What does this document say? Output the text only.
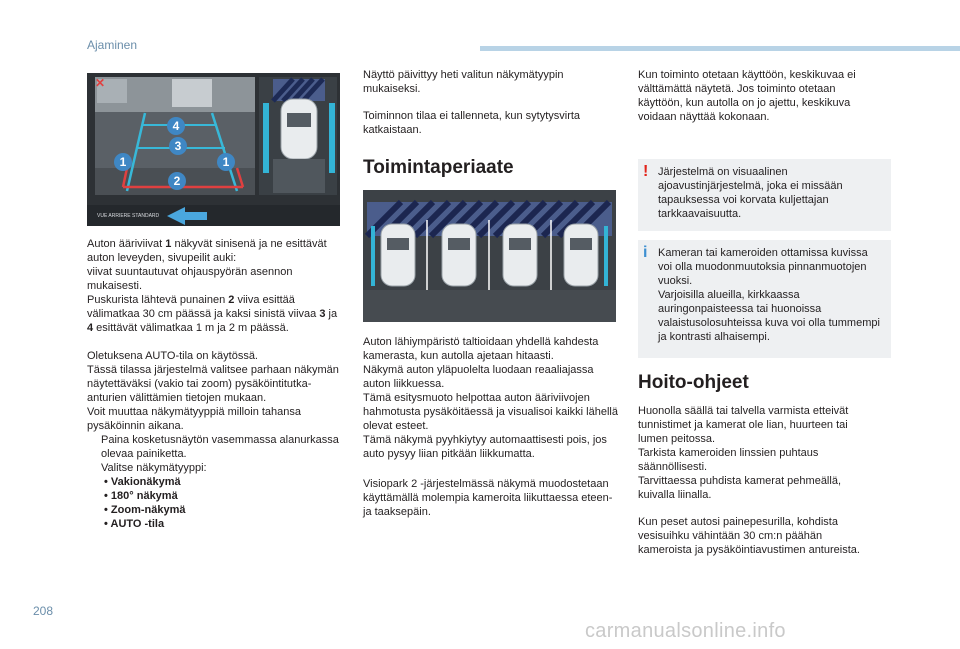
Ajaminen
✕
VUE ARRIERE STANDARD
4
3
1	1
2

Auton ääriviivat 1 näkyvät sinisenä ja ne esittävät auton leveyden, sivupeilit auki:
viivat suuntautuvat ohjauspyörän asennon mukaisesti.
Puskurista lähtevä punainen 2 viiva esittää välimatkaa 30 cm päässä ja kaksi sinistä viivaa 3 ja 4 esittävät välimatkaa 1 m ja 2 m päässä.

Oletuksena AUTO-tila on käytössä.
Tässä tilassa järjestelmä valitsee parhaan näkymän näytettäväksi (vakio tai zoom) pysäköintitutka-anturien välittämien tietojen mukaan.
Voit muuttaa näkymätyyppiä milloin tahansa pysäköinnin aikana.

Paina kosketusnäytön vasemmassa alanurkassa olevaa painiketta.
Valitse näkymätyyppi:
• Vakionäkymä
• 180° näkymä
• Zoom-näkymä
• AUTO -tila

Näyttö päivittyy heti valitun näkymätyypin mukaiseksi.

Toiminnon tilaa ei tallenneta, kun sytytysvirta katkaistaan.

Toimintaperiaate

Auton lähiympäristö taltioidaan yhdellä kahdesta kamerasta, kun autolla ajetaan hitaasti.
Näkymä auton yläpuolelta luodaan reaaliajassa auton liikkuessa.
Tämä esitysmuoto helpottaa auton ääriviivojen hahmotusta pysäköitäessä ja visualisoi kaikki lähellä olevat esteet.
Tämä näkymä pyyhkiytyy automaattisesti pois, jos auto pysyy liian pitkään liikkumatta.

Visiopark 2 -järjestelmässä näkymä muodostetaan käyttämällä molempia kameroita liikuttaessa eteen- ja taaksepäin.

Kun toiminto otetaan käyttöön, keskikuvaa ei välttämättä näytetä. Jos toiminto otetaan käyttöön, kun autolla on jo ajettu, keskikuva voidaan näyttää kokonaan.
! Järjestelmä on visuaalinen ajoavustinjärjestelmä, joka ei missään tapauksessa voi korvata kuljettajan tarkkaavaisuutta.
i Kameran tai kameroiden ottamissa kuvissa voi olla muodonmuutoksia pinnanmuotojen vuoksi.
Varjoisilla alueilla, kirkkaassa auringonpaisteessa tai huonoissa valaistusolosuhteissa kuva voi olla tummempi ja kontrasti alhaisempi.
Hoito-ohjeet

Huonolla säällä tai talvella varmista etteivät tunnistimet ja kamerat ole lian, huurteen tai lumen peitossa.
Tarkista kameroiden linssien puhtaus säännöllisesti.
Tarvittaessa puhdista kamerat pehmeällä, kuivalla liinalla.

Kun peset autosi painepesurilla, kohdista vesisuihku vähintään 30 cm:n päähän kameroista ja pysäköintiavustimen antureista.

208
carmanualsonline.info
